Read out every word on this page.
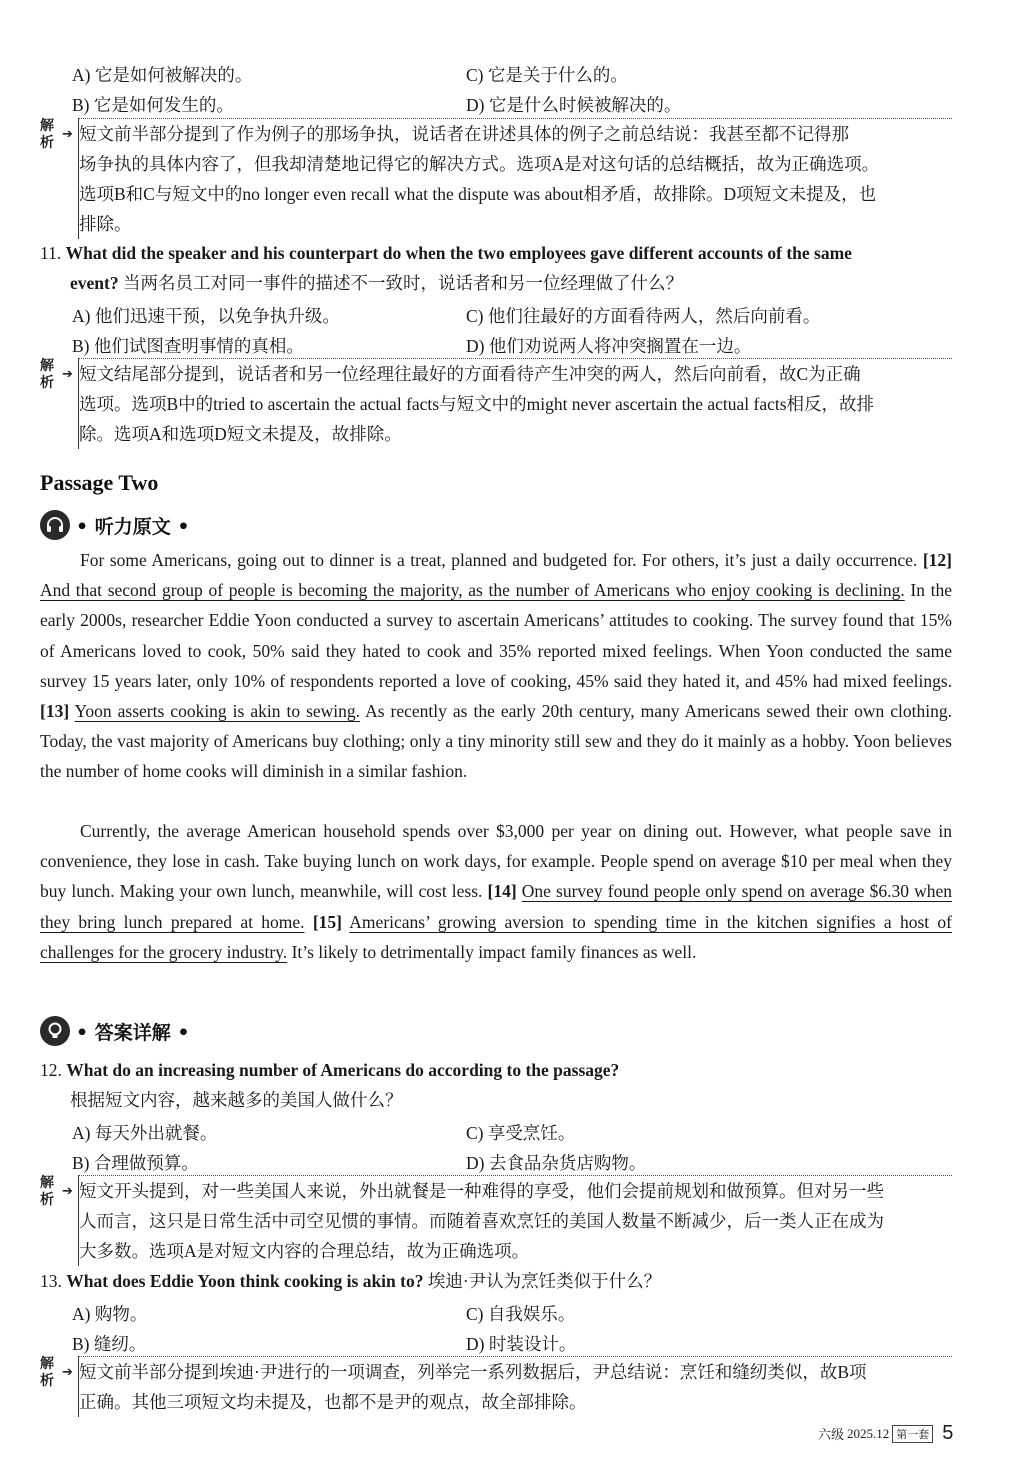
A) 它是如何被解决的。	C) 它是关于什么的。
B) 它是如何发生的。	D) 它是什么时候被解决的。
解
析
➔ 短文前半部分提到了作为例子的那场争执，说话者在讲述具体的例子之前总结说：我甚至都不记得那
场争执的具体内容了，但我却清楚地记得它的解决方式。选项A是对这句话的总结概括，故为正确选项。
选项B和C与短文中的no longer even recall what the dispute was about相矛盾，故排除。D项短文未提及，也
排除。
11. What did the speaker and his counterpart do when the two employees gave different accounts of the same
event? 当两名员工对同一事件的描述不一致时，说话者和另一位经理做了什么？
A) 他们迅速干预，以免争执升级。	C) 他们往最好的方面看待两人，然后向前看。
B) 他们试图查明事情的真相。	D) 他们劝说两人将冲突搁置在一边。
解
析
➔ 短文结尾部分提到，说话者和另一位经理往最好的方面看待产生冲突的两人，然后向前看，故C为正确
选项。选项B中的tried to ascertain the actual facts与短文中的might never ascertain the actual facts相反，故排
除。选项A和选项D短文未提及，故排除。
Passage Two
• 听力原文 •
For some Americans, going out to dinner is a treat, planned and budgeted for. For others, it’s just a daily occurrence. [12] And that second group of people is becoming the majority, as the number of Americans who enjoy cooking is declining. In the early 2000s, researcher Eddie Yoon conducted a survey to ascertain Americans’ attitudes to cooking. The survey found that 15% of Americans loved to cook, 50% said they hated to cook and 35% reported mixed feelings. When Yoon conducted the same survey 15 years later, only 10% of respondents reported a love of cooking, 45% said they hated it, and 45% had mixed feelings. [13] Yoon asserts cooking is akin to sewing. As recently as the early 20th century, many Americans sewed their own clothing. Today, the vast majority of Americans buy clothing; only a tiny minority still sew and they do it mainly as a hobby. Yoon believes the number of home cooks will diminish in a similar fashion.
Currently, the average American household spends over $3,000 per year on dining out. However, what people save in convenience, they lose in cash. Take buying lunch on work days, for example. People spend on average $10 per meal when they buy lunch. Making your own lunch, meanwhile, will cost less. [14] One survey found people only spend on average $6.30 when they bring lunch prepared at home. [15] Americans’ growing aversion to spending time in the kitchen signifies a host of challenges for the grocery industry. It’s likely to detrimentally impact family finances as well.
• 答案详解 •
12. What do an increasing number of Americans do according to the passage?
根据短文内容，越来越多的美国人做什么？
A) 每天外出就餐。	C) 享受烹饪。
B) 合理做预算。	D) 去食品杂货店购物。
解
析
➔ 短文开头提到，对一些美国人来说，外出就餐是一种难得的享受，他们会提前规划和做预算。但对另一些
人而言，这只是日常生活中司空见惯的事情。而随着喜欢烹饪的美国人数量不断减少，后一类人正在成为
大多数。选项A是对短文内容的合理总结，故为正确选项。
13. What does Eddie Yoon think cooking is akin to? 埃迪·尹认为烹饪类似于什么？
A) 购物。	C) 自我娱乐。
B) 缝纫。	D) 时装设计。
解
析
➔ 短文前半部分提到埃迪·尹进行的一项调查，列举完一系列数据后，尹总结说：烹饪和缝纫类似，故B项
正确。其他三项短文均未提及，也都不是尹的观点，故全部排除。
六级 2025.12 第一套 5
